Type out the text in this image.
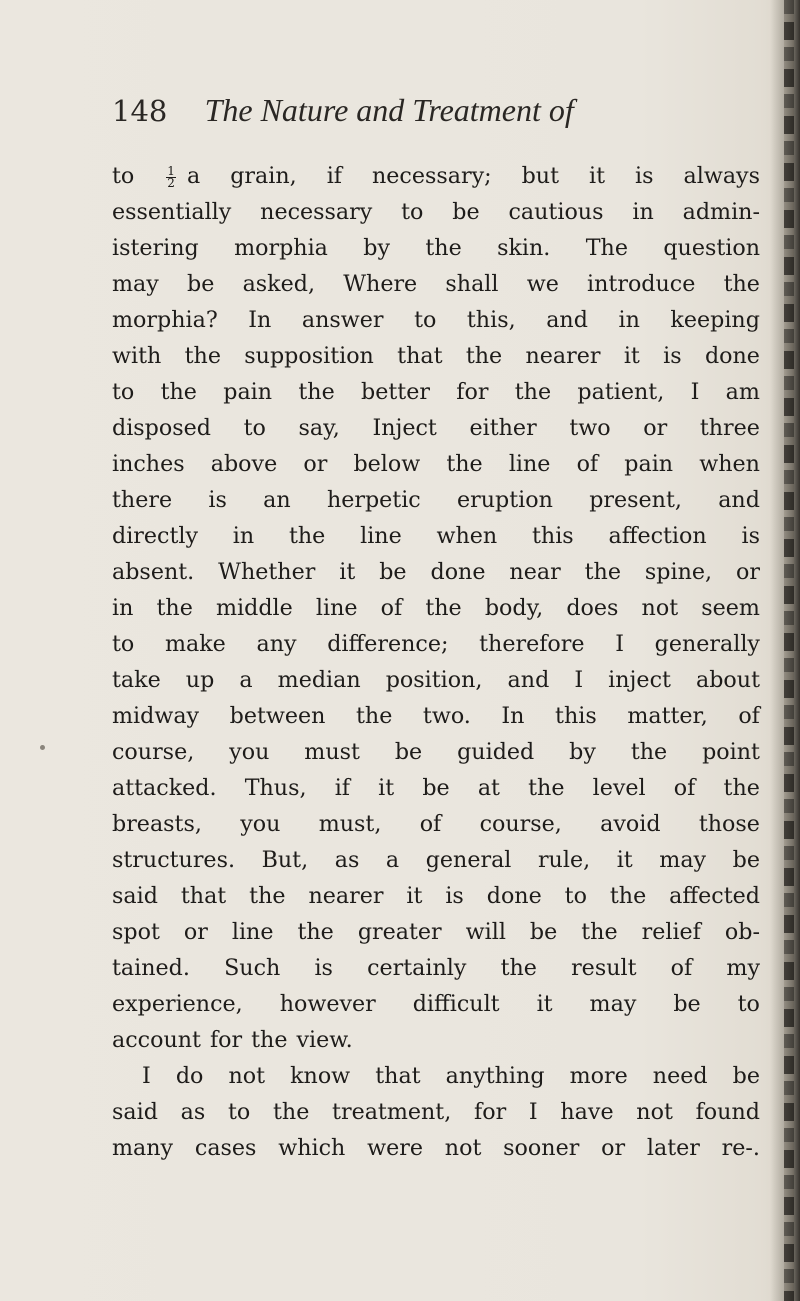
148 The Nature and Treatment of
to	$\frac{1}{2}$ a grain, if necessary; but it is always
essentially necessary to be cautious in admin-
istering morphia by the skin. The question
may be asked, Where shall we introduce the
morphia? In answer to this, and in keeping
with the supposition that the nearer it is done
to the pain the better for the patient, I am
disposed to say, Inject either two or three
inches above or below the line of pain when
there is an herpetic eruption present, and
directly in the line when this affection is
absent. Whether it be done near the spine, or
in the middle line of the body, does not seem
to make any difference; therefore I generally
take up a median position, and I inject about
midway between the two. In this matter, of
course, you must be guided by the point
attacked. Thus, if it be at the level of the
breasts, you must, of course, avoid those
structures. But, as a general rule, it may be
said that the nearer it is done to the affected
spot or line the greater will be the relief ob-
tained. Such is certainly the result of my
experience, however difficult it may be to
account for the view.
I do not know that anything more need be
said as to the treatment, for I have not found
many cases which were not sooner or later re-.
